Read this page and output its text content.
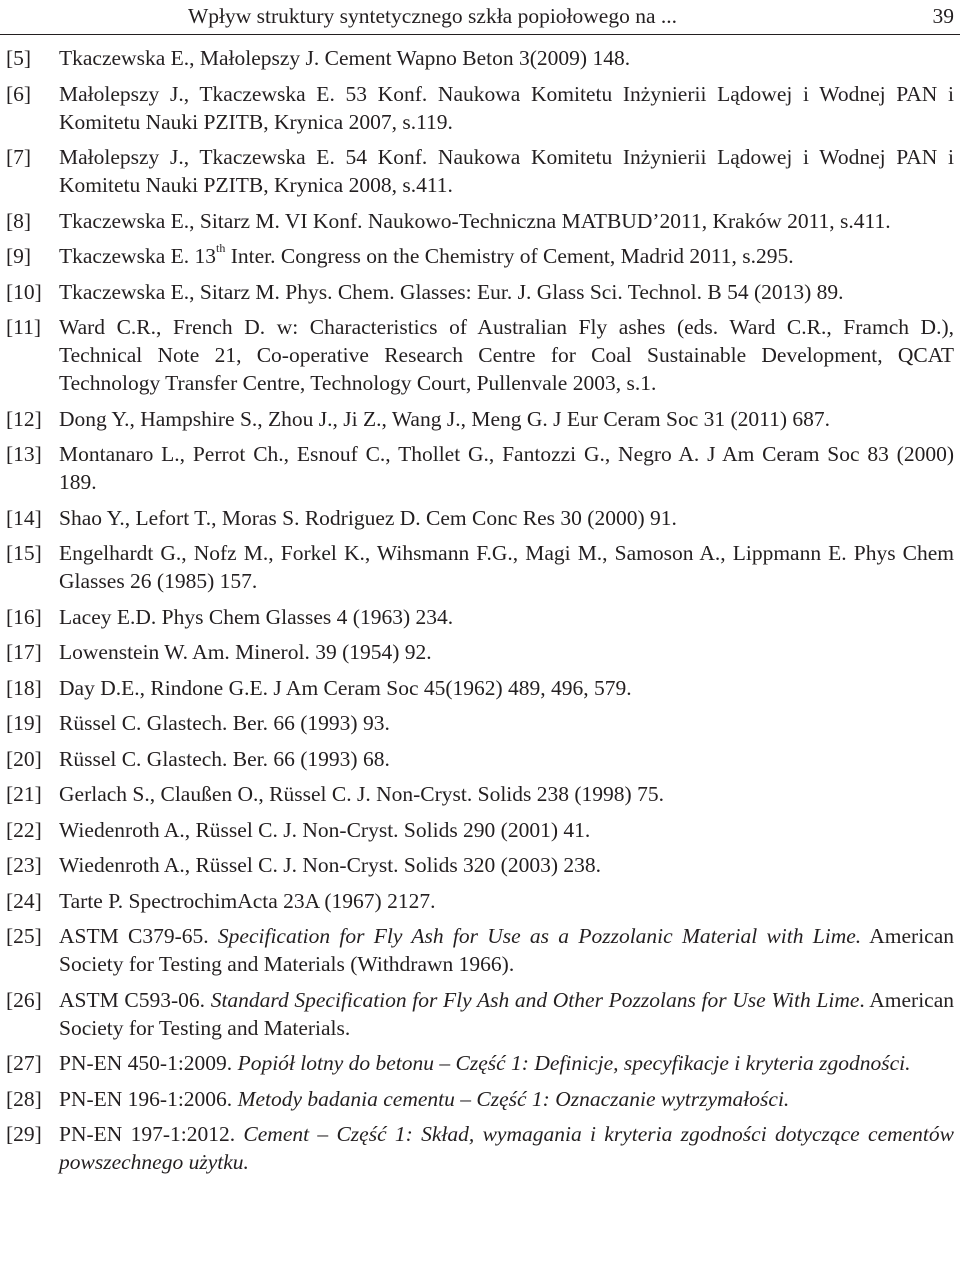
Wpływ struktury syntetycznego szkła popiołowego na ...	39
[5] Tkaczewska E., Małolepszy J. Cement Wapno Beton 3(2009) 148.
[6] Małolepszy J., Tkaczewska E. 53 Konf. Naukowa Komitetu Inżynierii Lądowej i Wodnej PAN i Komitetu Nauki PZITB, Krynica 2007, s.119.
[7] Małolepszy J., Tkaczewska E. 54 Konf. Naukowa Komitetu Inżynierii Lądowej i Wodnej PAN i Komitetu Nauki PZITB, Krynica 2008, s.411.
[8] Tkaczewska E., Sitarz M. VI Konf. Naukowo-Techniczna MATBUD’2011, Kraków 2011, s.411.
[9] Tkaczewska E. 13th Inter. Congress on the Chemistry of Cement, Madrid 2011, s.295.
[10] Tkaczewska E., Sitarz M. Phys. Chem. Glasses: Eur. J. Glass Sci. Technol. B 54 (2013) 89.
[11] Ward C.R., French D. w: Characteristics of Australian Fly ashes (eds. Ward C.R., Framch D.), Technical Note 21, Co-operative Research Centre for Coal Sustainable Development, QCAT Technology Transfer Centre, Technology Court, Pullenvale 2003, s.1.
[12] Dong Y., Hampshire S., Zhou J., Ji Z., Wang J., Meng G. J Eur Ceram Soc 31 (2011) 687.
[13] Montanaro L., Perrot Ch., Esnouf C., Thollet G., Fantozzi G., Negro A. J Am Ceram Soc 83 (2000) 189.
[14] Shao Y., Lefort T., Moras S. Rodriguez D. Cem Conc Res 30 (2000) 91.
[15] Engelhardt G., Nofz M., Forkel K., Wihsmann F.G., Magi M., Samoson A., Lippmann E. Phys Chem Glasses 26 (1985) 157.
[16] Lacey E.D. Phys Chem Glasses 4 (1963) 234.
[17] Lowenstein W. Am. Minerol. 39 (1954) 92.
[18] Day D.E., Rindone G.E. J Am Ceram Soc 45(1962) 489, 496, 579.
[19] Rüssel C. Glastech. Ber. 66 (1993) 93.
[20] Rüssel C. Glastech. Ber. 66 (1993) 68.
[21] Gerlach S., Claußen O., Rüssel C. J. Non-Cryst. Solids 238 (1998) 75.
[22] Wiedenroth A., Rüssel C. J. Non-Cryst. Solids 290 (2001) 41.
[23] Wiedenroth A., Rüssel C. J. Non-Cryst. Solids 320 (2003) 238.
[24] Tarte P. SpectrochimActa 23A (1967) 2127.
[25] ASTM C379-65. Specification for Fly Ash for Use as a Pozzolanic Material with Lime. American Society for Testing and Materials (Withdrawn 1966).
[26] ASTM C593-06. Standard Specification for Fly Ash and Other Pozzolans for Use With Lime. American Society for Testing and Materials.
[27] PN-EN 450-1:2009. Popiół lotny do betonu – Część 1: Definicje, specyfikacje i kryteria zgodności.
[28] PN-EN 196-1:2006. Metody badania cementu – Część 1: Oznaczanie wytrzymałości.
[29] PN-EN 197-1:2012. Cement – Część 1: Skład, wymagania i kryteria zgodności dotyczące cementów powszechnego użytku.
